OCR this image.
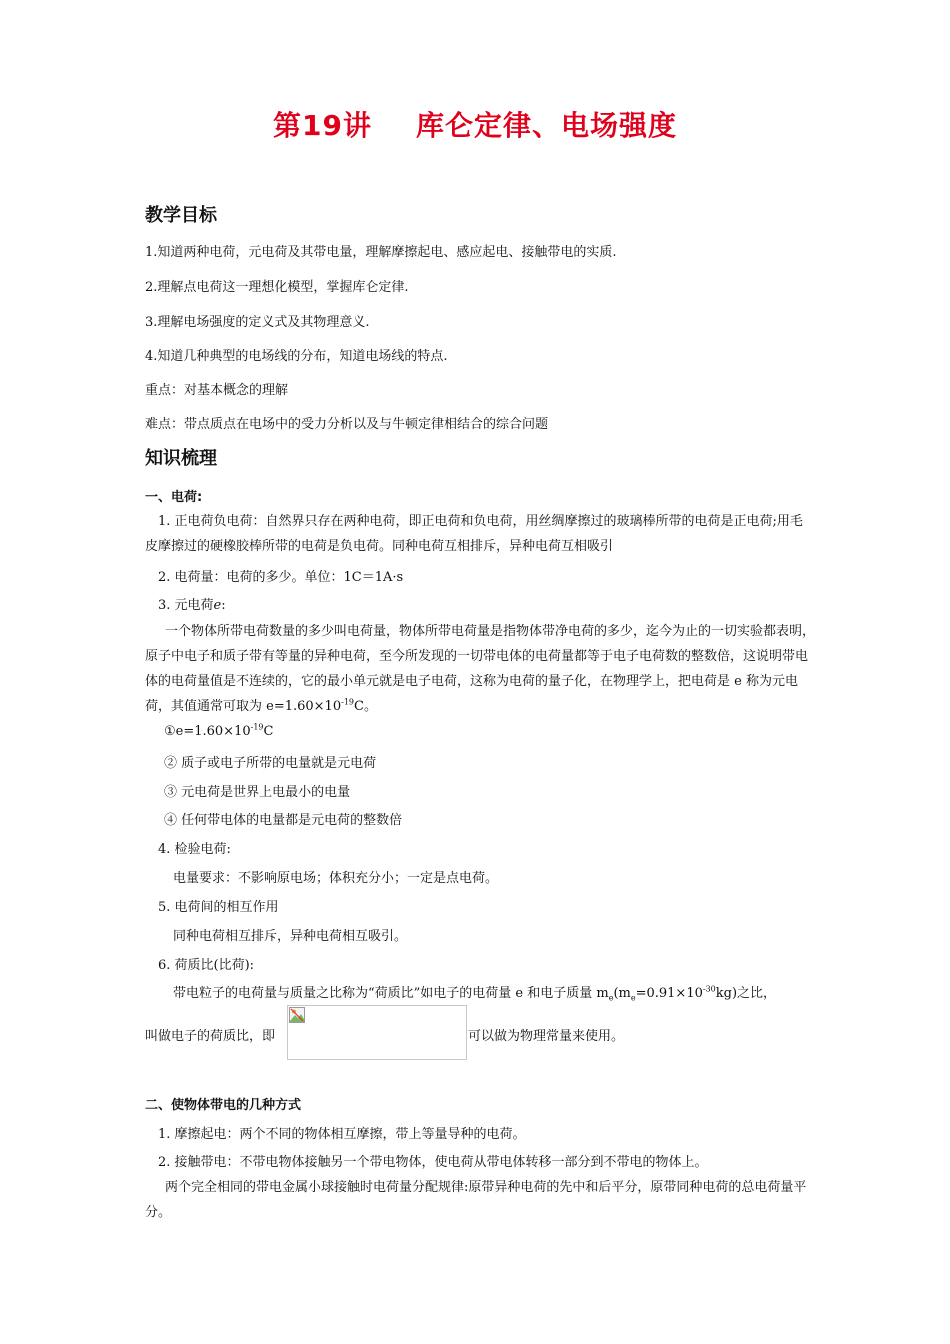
第19讲 库仑定律、电场强度
教学目标
1.知道两种电荷，元电荷及其带电量，理解摩擦起电、感应起电、接触带电的实质.
2.理解点电荷这一理想化模型，掌握库仑定律.
3.理解电场强度的定义式及其物理意义.
4.知道几种典型的电场线的分布，知道电场线的特点.
重点：对基本概念的理解
难点：带点质点在电场中的受力分析以及与牛顿定律相结合的综合问题
知识梳理
一、电荷:
1. 正电荷负电荷：自然界只存在两种电荷，即正电荷和负电荷，用丝绸摩擦过的玻璃棒所带的电荷是正电荷;用毛皮摩擦过的硬橡胶棒所带的电荷是负电荷。同种电荷互相排斥，异种电荷互相吸引
2. 电荷量：电荷的多少。单位：1C＝1A·s
3. 元电荷e:
一个物体所带电荷数量的多少叫电荷量，物体所带电荷量是指物体带净电荷的多少，迄今为止的一切实验都表明，原子中电子和质子带有等量的异种电荷，至今所发现的一切带电体的电荷量都等于电子电荷数的整数倍，这说明带电体的电荷量值是不连续的，它的最小单元就是电子电荷，这称为电荷的量子化，在物理学上，把电荷是 e 称为元电荷，其值通常可取为 $e=1.60\times 10^{-19}C$。
$①e=1.60\times 10^{-19}C$
② 质子或电子所带的电量就是元电荷
③ 元电荷是世界上电最小的电量
④ 任何带电体的电量都是元电荷的整数倍
4. 检验电荷:
电量要求：不影响原电场；体积充分小；一定是点电荷。
5. 电荷间的相互作用
同种电荷相互排斥，异种电荷相互吸引。
6. 荷质比(比荷):
带电粒子的电荷量与质量之比称为“荷质比”如电子的电荷量 e 和电子质量 $m_e(m_e=0.91\times 10^{-30}kg)$之比，
叫做电子的荷质比，即	可以做为物理常量来使用。
二、使物体带电的几种方式
1. 摩擦起电：两个不同的物体相互摩擦，带上等量导种的电荷。
2. 接触带电：不带电物体接触另一个带电物体，使电荷从带电体转移一部分到不带电的物体上。
两个完全相同的带电金属小球接触时电荷量分配规律:原带异种电荷的先中和后平分，原带同种电荷的总电荷量平分。
